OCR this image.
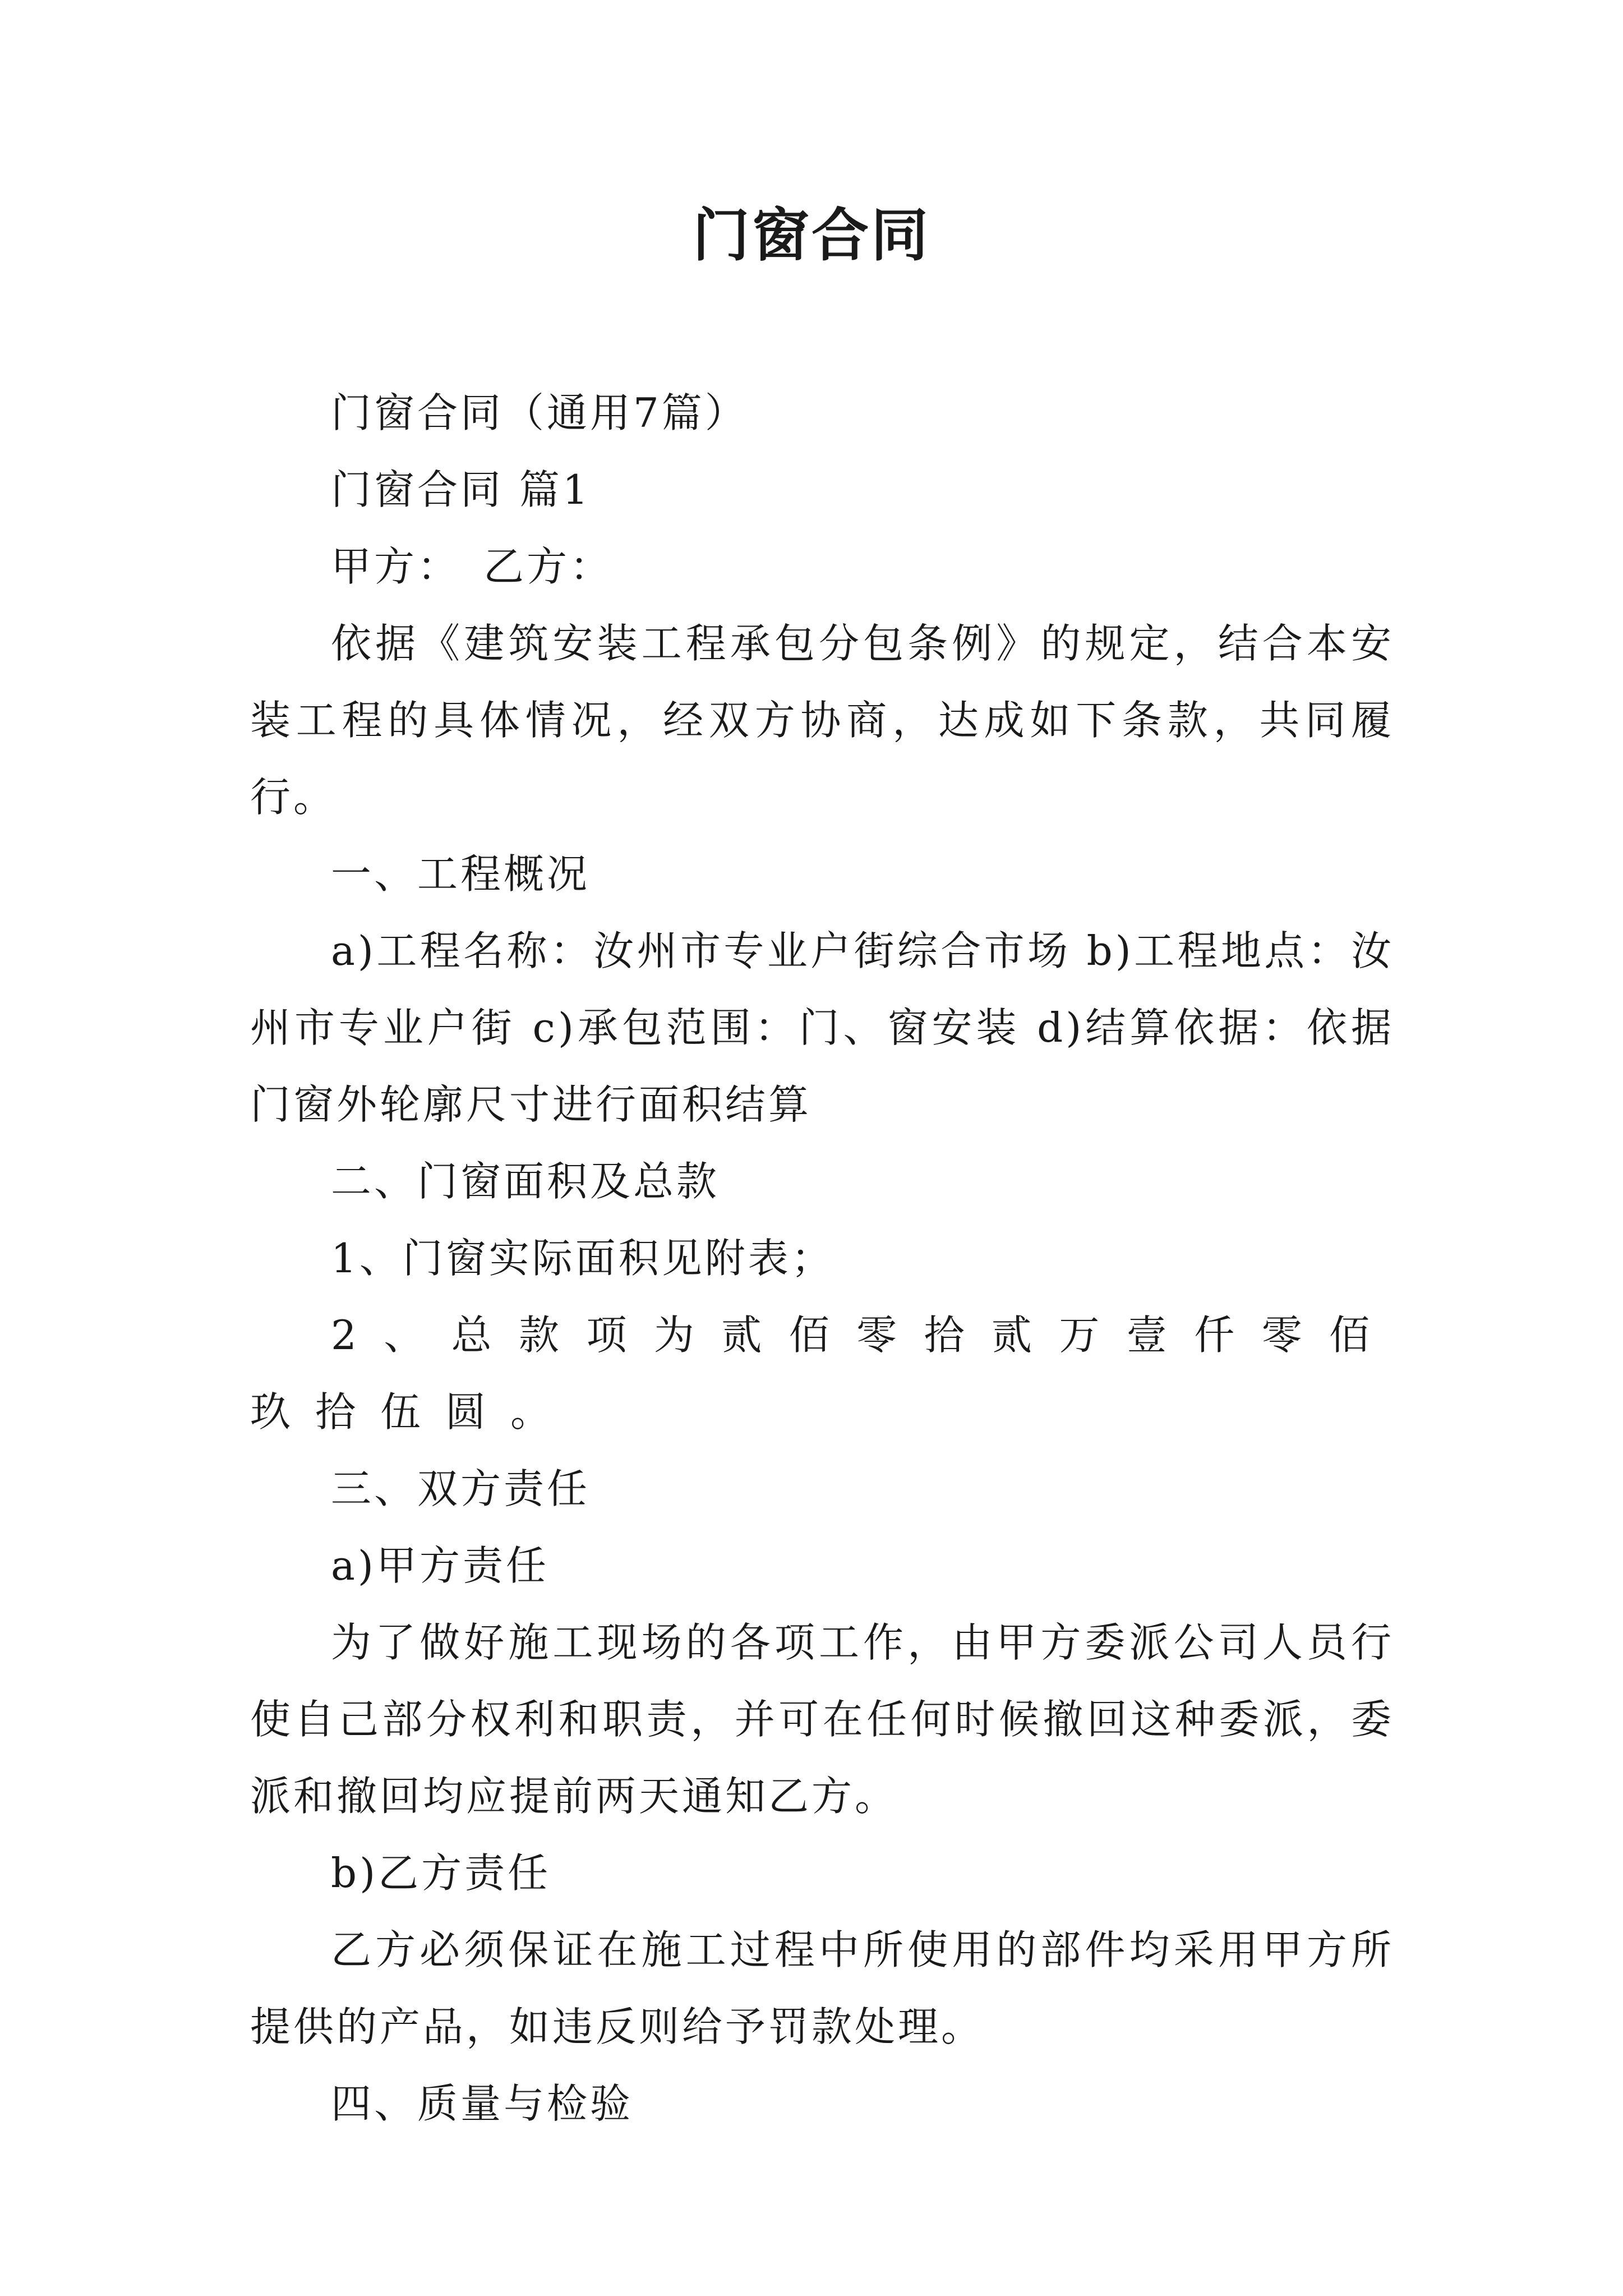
门窗合同

门窗合同（通用7篇）

门窗合同 篇1

甲方：　乙方：

依据《建筑安装工程承包分包条例》的规定，结合本安装工程的具体情况，经双方协商，达成如下条款，共同履行。

一、工程概况

a)工程名称：汝州市专业户街综合市场 b)工程地点：汝州市专业户街 c)承包范围：门、窗安装 d)结算依据：依据门窗外轮廓尺寸进行面积结算

二、门窗面积及总款

1、门窗实际面积见附表；

2、总款项为贰佰零拾贰万壹仟零佰玖拾伍圆。

三、双方责任

a)甲方责任

为了做好施工现场的各项工作，由甲方委派公司人员行使自己部分权利和职责，并可在任何时候撤回这种委派，委派和撤回均应提前两天通知乙方。

b)乙方责任

乙方必须保证在施工过程中所使用的部件均采用甲方所提供的产品，如违反则给予罚款处理。

四、质量与检验
